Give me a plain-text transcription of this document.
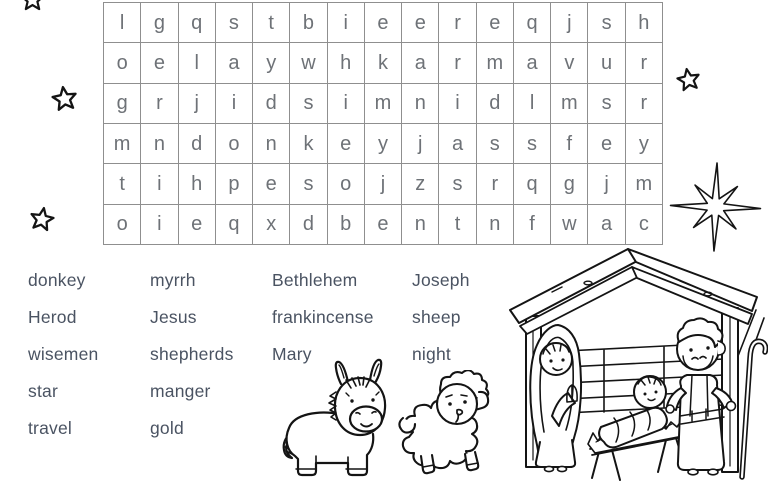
l	g	q	s	t	b	i	e	e	r	e	q	j	s	h
o	e	l	a	y	w	h	k	a	r	m	a	v	u	r
g	r	j	i	d	s	i	m	n	i	d	l	m	s	r
m	n	d	o	n	k	e	y	j	a	s	s	f	e	y
t	i	h	p	e	s	o	j	z	s	r	q	g	j	m
o	i	e	q	x	d	b	e	n	t	n	f	w	a	c
donkey
Herod
wisemen
star
travel
myrrh
Jesus
shepherds
manger
gold
Bethlehem
frankincense
Mary
Joseph
sheep
night
